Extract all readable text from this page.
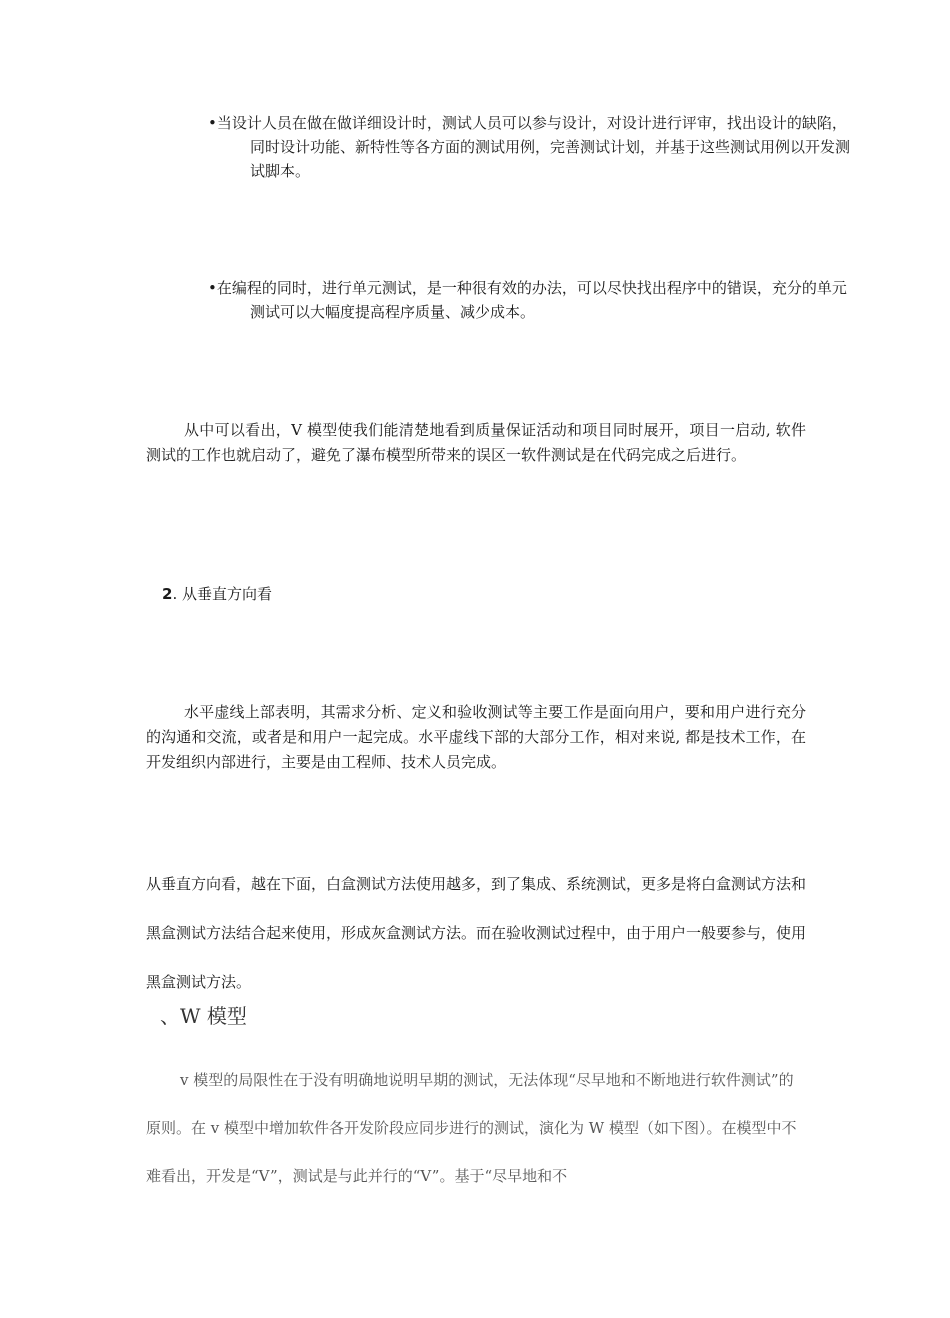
•当设计人员在做在做详细设计时，测试人员可以参与设计，对设计进行评审，找出设计的缺陷，同时设计功能、新特性等各方面的测试用例，完善测试计划，并基于这些测试用例以开发测试脚本。
•在编程的同时，进行单元测试，是一种很有效的办法，可以尽快找出程序中的错误，充分的单元测试可以大幅度提高程序质量、减少成本。
从中可以看出，V 模型使我们能清楚地看到质量保证活动和项目同时展开，项目一启动, 软件测试的工作也就启动了，避免了瀑布模型所带来的误区一软件测试是在代码完成之后进行。
2. 从垂直方向看
水平虚线上部表明，其需求分析、定义和验收测试等主要工作是面向用户，要和用户进行充分的沟通和交流，或者是和用户一起完成。水平虚线下部的大部分工作，相对来说, 都是技术工作，在开发组织内部进行，主要是由工程师、技术人员完成。
从垂直方向看，越在下面，白盒测试方法使用越多，到了集成、系统测试，更多是将白盒测试方法和黑盒测试方法结合起来使用，形成灰盒测试方法。而在验收测试过程中，由于用户一般要参与，使用黑盒测试方法。
、W 模型
v 模型的局限性在于没有明确地说明早期的测试，无法体现“尽早地和不断地进行软件测试”的原则。在 v 模型中增加软件各开发阶段应同步进行的测试，演化为 W 模型（如下图）。在模型中不难看出，开发是“V”，测试是与此并行的“V”。基于“尽早地和不
